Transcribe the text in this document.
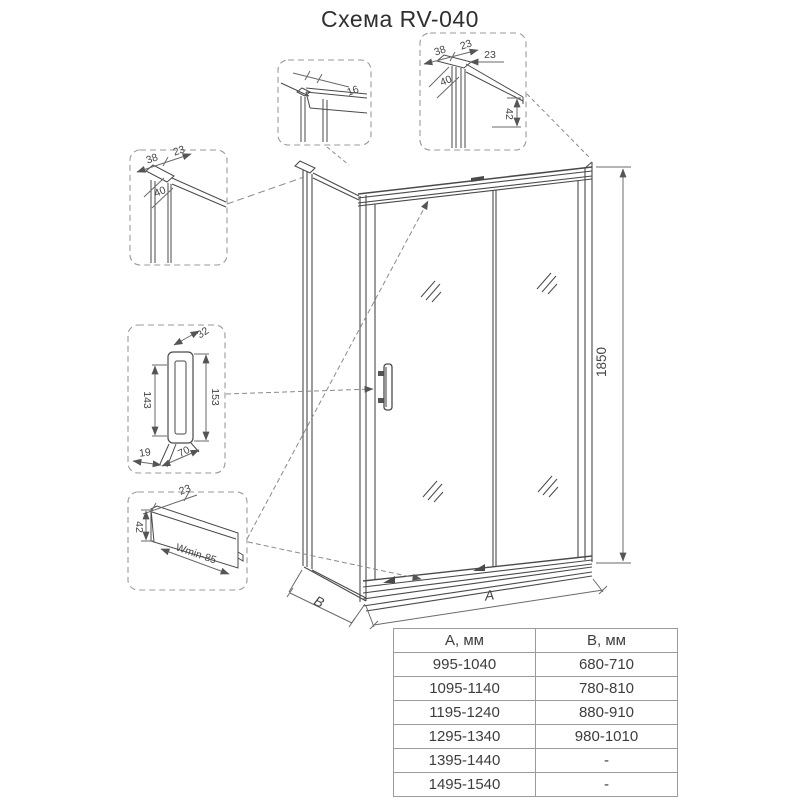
Схема RV-040
1850
A
B
16
38 23
23
40
42
38
23
40
32
143	153
19 70
23
42
Wmin-85
А, мм	В, мм
995-1040	680-710
1095-1140	780-810
1195-1240	880-910
1295-1340	980-1010
1395-1440	-
1495-1540	-
